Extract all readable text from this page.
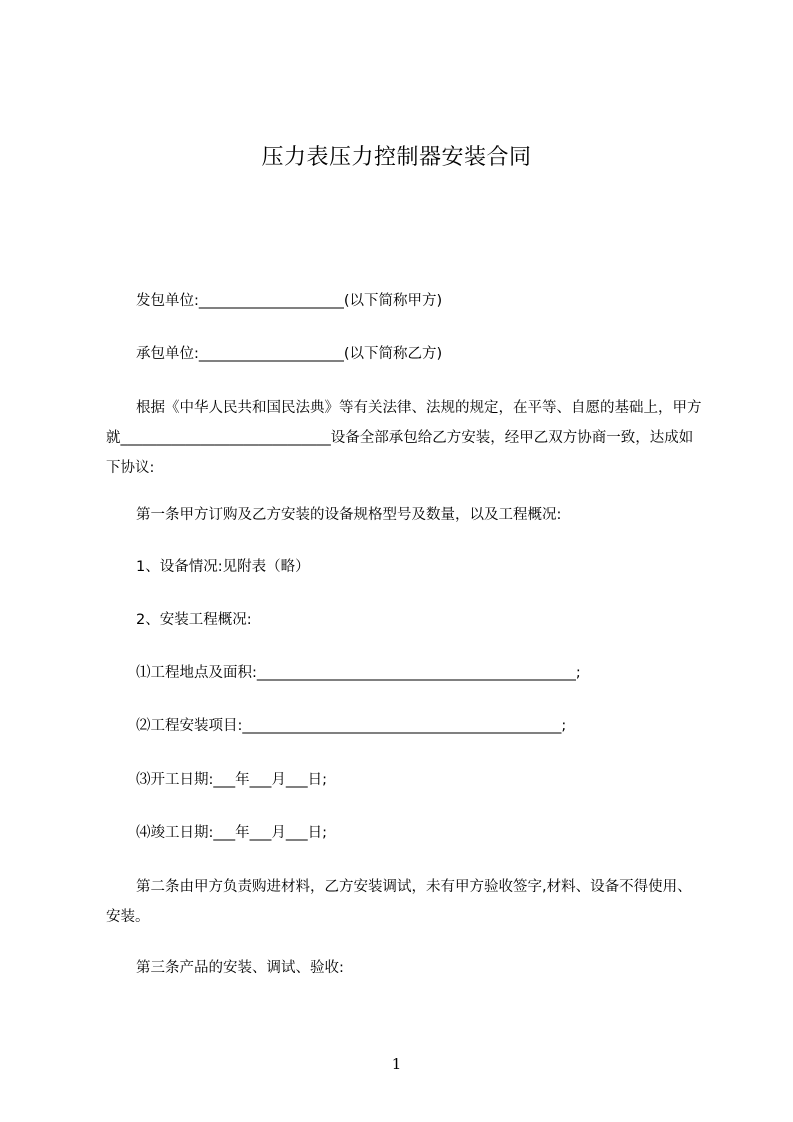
压力表压力控制器安装合同
发包单位:____________________(以下简称甲方)
承包单位:____________________(以下简称乙方)
根据《中华人民共和国民法典》等有关法律、法规的规定，在平等、自愿的基础上，甲方就_____________________________设备全部承包给乙方安装，经甲乙双方协商一致，达成如下协议:
第一条甲方订购及乙方安装的设备规格型号及数量，以及工程概况:
1、设备情况:见附表（略）
2、安装工程概况:
⑴工程地点及面积:____________________________________________;
⑵工程安装项目:____________________________________________;
⑶开工日期:___年___月___日;
⑷竣工日期:___年___月___日;
第二条由甲方负责购进材料，乙方安装调试，未有甲方验收签字,材料、设备不得使用、安装。
第三条产品的安装、调试、验收:
1
